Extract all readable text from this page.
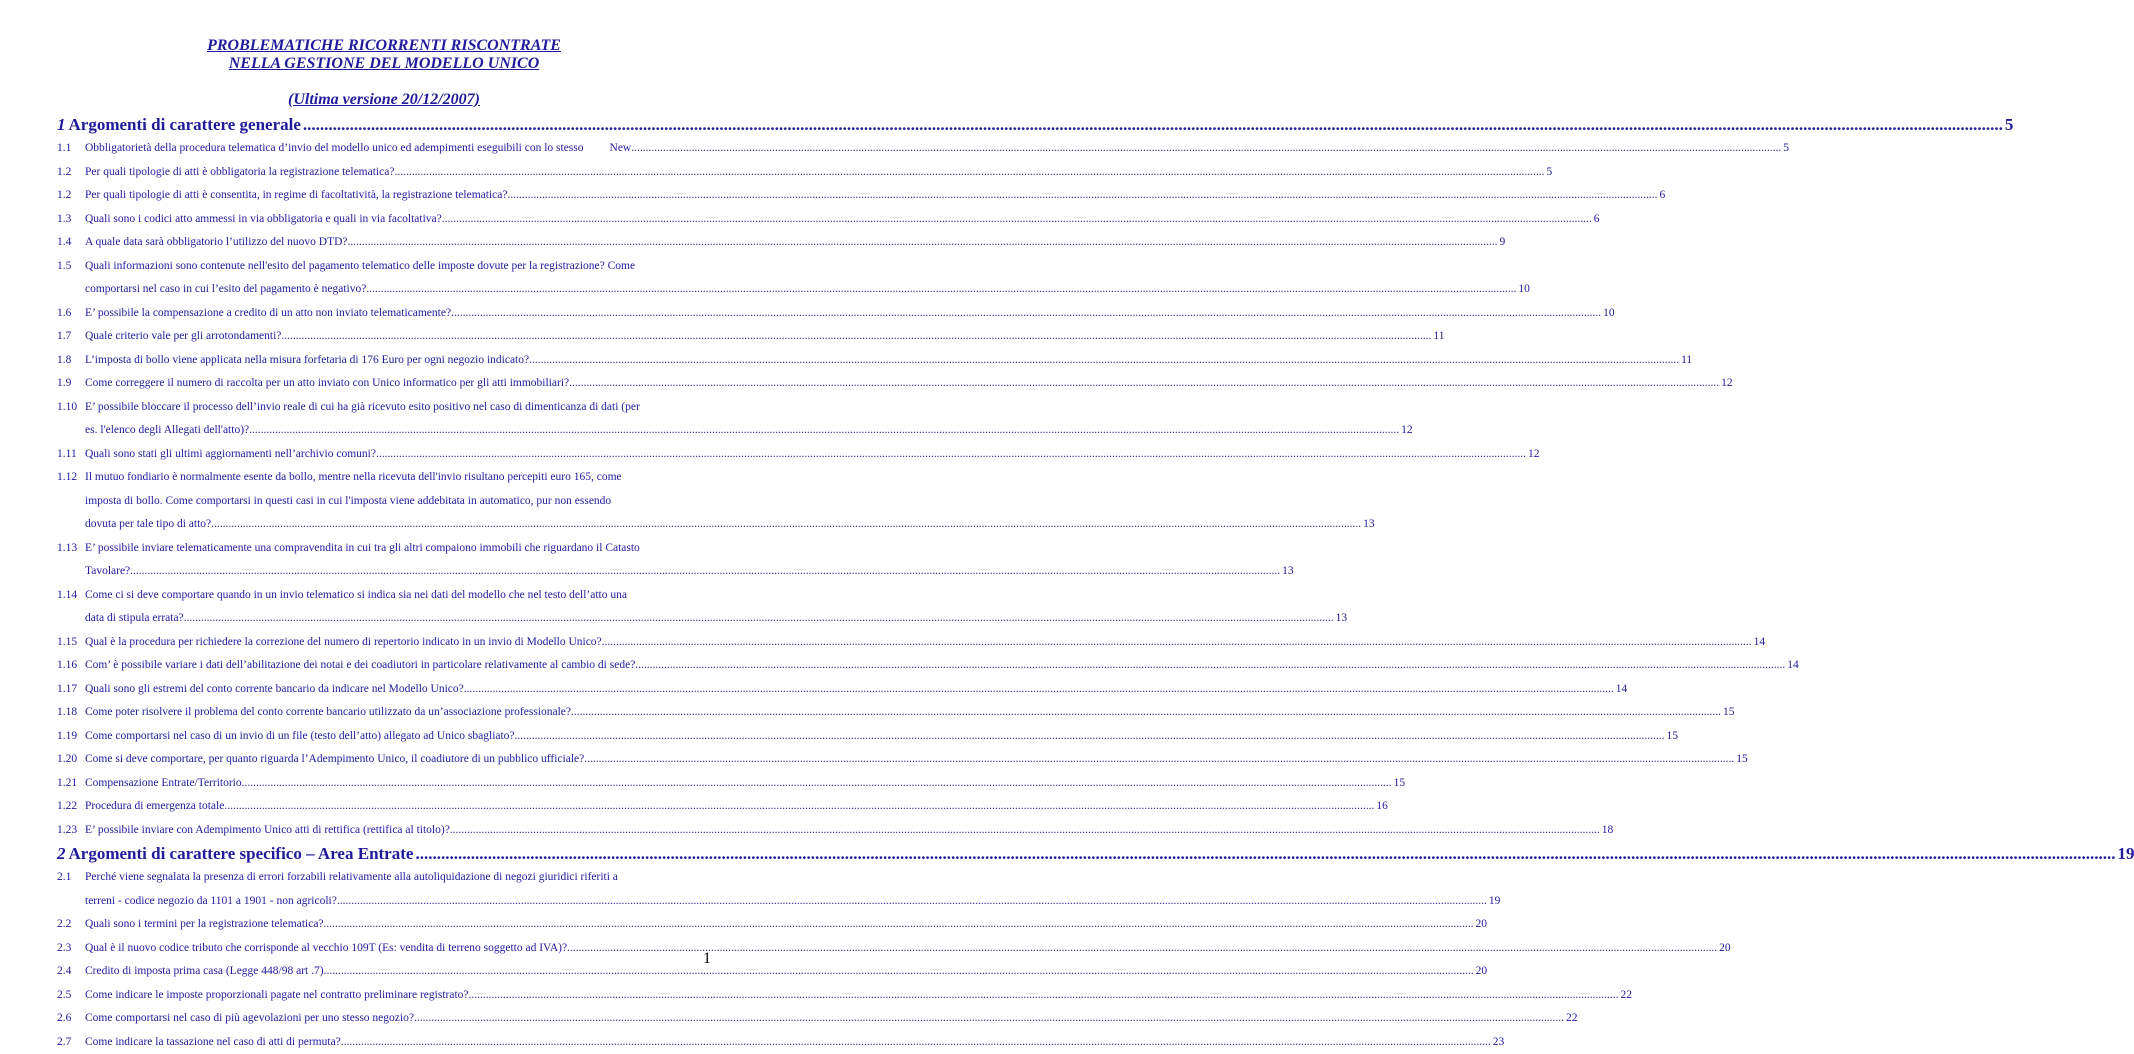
PROBLEMATICHE RICORRENTI RISCONTRATE
NELLA GESTIONE DEL MODELLO UNICO
(Ultima versione 20/12/2007)
1 Argomenti di carattere generale ................................................................................................................................................................................................................................................................................................................................................................................................................ 5
1.1	Obbligatorietà della procedura telematica d’invio del modello unico ed adempimenti eseguibili con lo stesso New ................................................................................................................................................................................................................................................................................................................................................................................................................ 5
1.2	Per quali tipologie di atti è obbligatoria la registrazione telematica? ................................................................................................................................................................................................................................................................................................................................................................................................................ 5
1.2	Per quali tipologie di atti è consentita, in regime di facoltatività, la registrazione telematica? ................................................................................................................................................................................................................................................................................................................................................................................................................ 6
1.3	Quali sono i codici atto ammessi in via obbligatoria e quali in via facoltativa? ................................................................................................................................................................................................................................................................................................................................................................................................................ 6
1.4	A quale data sarà obbligatorio l’utilizzo del nuovo DTD? ................................................................................................................................................................................................................................................................................................................................................................................................................ 9
1.5	Quali informazioni sono contenute nell'esito del pagamento telematico delle imposte dovute per la registrazione? Come
comportarsi nel caso in cui l’esito del pagamento è negativo? ................................................................................................................................................................................................................................................................................................................................................................................................................ 10
1.6	E’ possibile la compensazione a credito di un atto non inviato telematicamente? ................................................................................................................................................................................................................................................................................................................................................................................................................ 10
1.7	Quale criterio vale per gli arrotondamenti? ................................................................................................................................................................................................................................................................................................................................................................................................................ 11
1.8	L’imposta di bollo viene applicata nella misura forfetaria di 176 Euro per ogni negozio indicato? ................................................................................................................................................................................................................................................................................................................................................................................................................ 11
1.9	Come correggere il numero di raccolta per un atto inviato con Unico informatico per gli atti immobiliari? ................................................................................................................................................................................................................................................................................................................................................................................................................ 12
1.10 E’ possibile bloccare il processo dell’invio reale di cui ha già ricevuto esito positivo nel caso di dimenticanza di dati (per
es. l'elenco degli Allegati dell'atto)? ................................................................................................................................................................................................................................................................................................................................................................................................................ 12
1.11 Quali sono stati gli ultimi aggiornamenti nell’archivio comuni? ................................................................................................................................................................................................................................................................................................................................................................................................................ 12
1.12 Il mutuo fondiario è normalmente esente da bollo, mentre nella ricevuta dell'invio risultano percepiti euro 165, come
imposta di bollo. Come comportarsi in questi casi in cui l'imposta viene addebitata in automatico, pur non essendo
dovuta per tale tipo di atto? ................................................................................................................................................................................................................................................................................................................................................................................................................ 13
1.13 E’ possibile inviare telematicamente una compravendita in cui tra gli altri compaiono immobili che riguardano il Catasto
Tavolare? ................................................................................................................................................................................................................................................................................................................................................................................................................ 13
1.14 Come ci si deve comportare quando in un invio telematico si indica sia nei dati del modello che nel testo dell’atto una
data di stipula errata? ................................................................................................................................................................................................................................................................................................................................................................................................................ 13
1.15 Qual è la procedura per richiedere la correzione del numero di repertorio indicato in un invio di Modello Unico? ................................................................................................................................................................................................................................................................................................................................................................................................................ 14
1.16 Com’ è possibile variare i dati dell’abilitazione dei notai e dei coadiutori in particolare relativamente al cambio di sede? ................................................................................................................................................................................................................................................................................................................................................................................................................ 14
1.17 Quali sono gli estremi del conto corrente bancario da indicare nel Modello Unico? ................................................................................................................................................................................................................................................................................................................................................................................................................ 14
1.18 Come poter risolvere il problema del conto corrente bancario utilizzato da un’associazione professionale? ................................................................................................................................................................................................................................................................................................................................................................................................................ 15
1.19 Come comportarsi nel caso di un invio di un file (testo dell’atto) allegato ad Unico sbagliato? ................................................................................................................................................................................................................................................................................................................................................................................................................ 15
1.20 Come si deve comportare, per quanto riguarda l’Adempimento Unico, il coadiutore di un pubblico ufficiale? ................................................................................................................................................................................................................................................................................................................................................................................................................ 15
1.21 Compensazione Entrate/Territorio ................................................................................................................................................................................................................................................................................................................................................................................................................ 15
1.22 Procedura di emergenza totale ................................................................................................................................................................................................................................................................................................................................................................................................................ 16
1.23 E’ possibile inviare con Adempimento Unico atti di rettifica (rettifica al titolo)? ................................................................................................................................................................................................................................................................................................................................................................................................................ 18
2 Argomenti di carattere specifico – Area Entrate ................................................................................................................................................................................................................................................................................................................................................................................................................ 19
2.1	Perché viene segnalata la presenza di errori forzabili relativamente alla autoliquidazione di negozi giuridici riferiti a
terreni - codice negozio da 1101 a 1901 - non agricoli? ................................................................................................................................................................................................................................................................................................................................................................................................................ 19
2.2	Quali sono i termini per la registrazione telematica? ................................................................................................................................................................................................................................................................................................................................................................................................................ 20
2.3	Qual è il nuovo codice tributo che corrisponde al vecchio 109T (Es: vendita di terreno soggetto ad IVA)? ................................................................................................................................................................................................................................................................................................................................................................................................................ 20
2.4	Credito di imposta prima casa (Legge 448/98 art .7) ................................................................................................................................................................................................................................................................................................................................................................................................................ 20
2.5	Come indicare le imposte proporzionali pagate nel contratto preliminare registrato? ................................................................................................................................................................................................................................................................................................................................................................................................................ 22
2.6	Come comportarsi nel caso di più agevolazioni per uno stesso negozio? ................................................................................................................................................................................................................................................................................................................................................................................................................ 22
2.7	Come indicare la tassazione nel caso di atti di permuta? ................................................................................................................................................................................................................................................................................................................................................................................................................ 23
1
